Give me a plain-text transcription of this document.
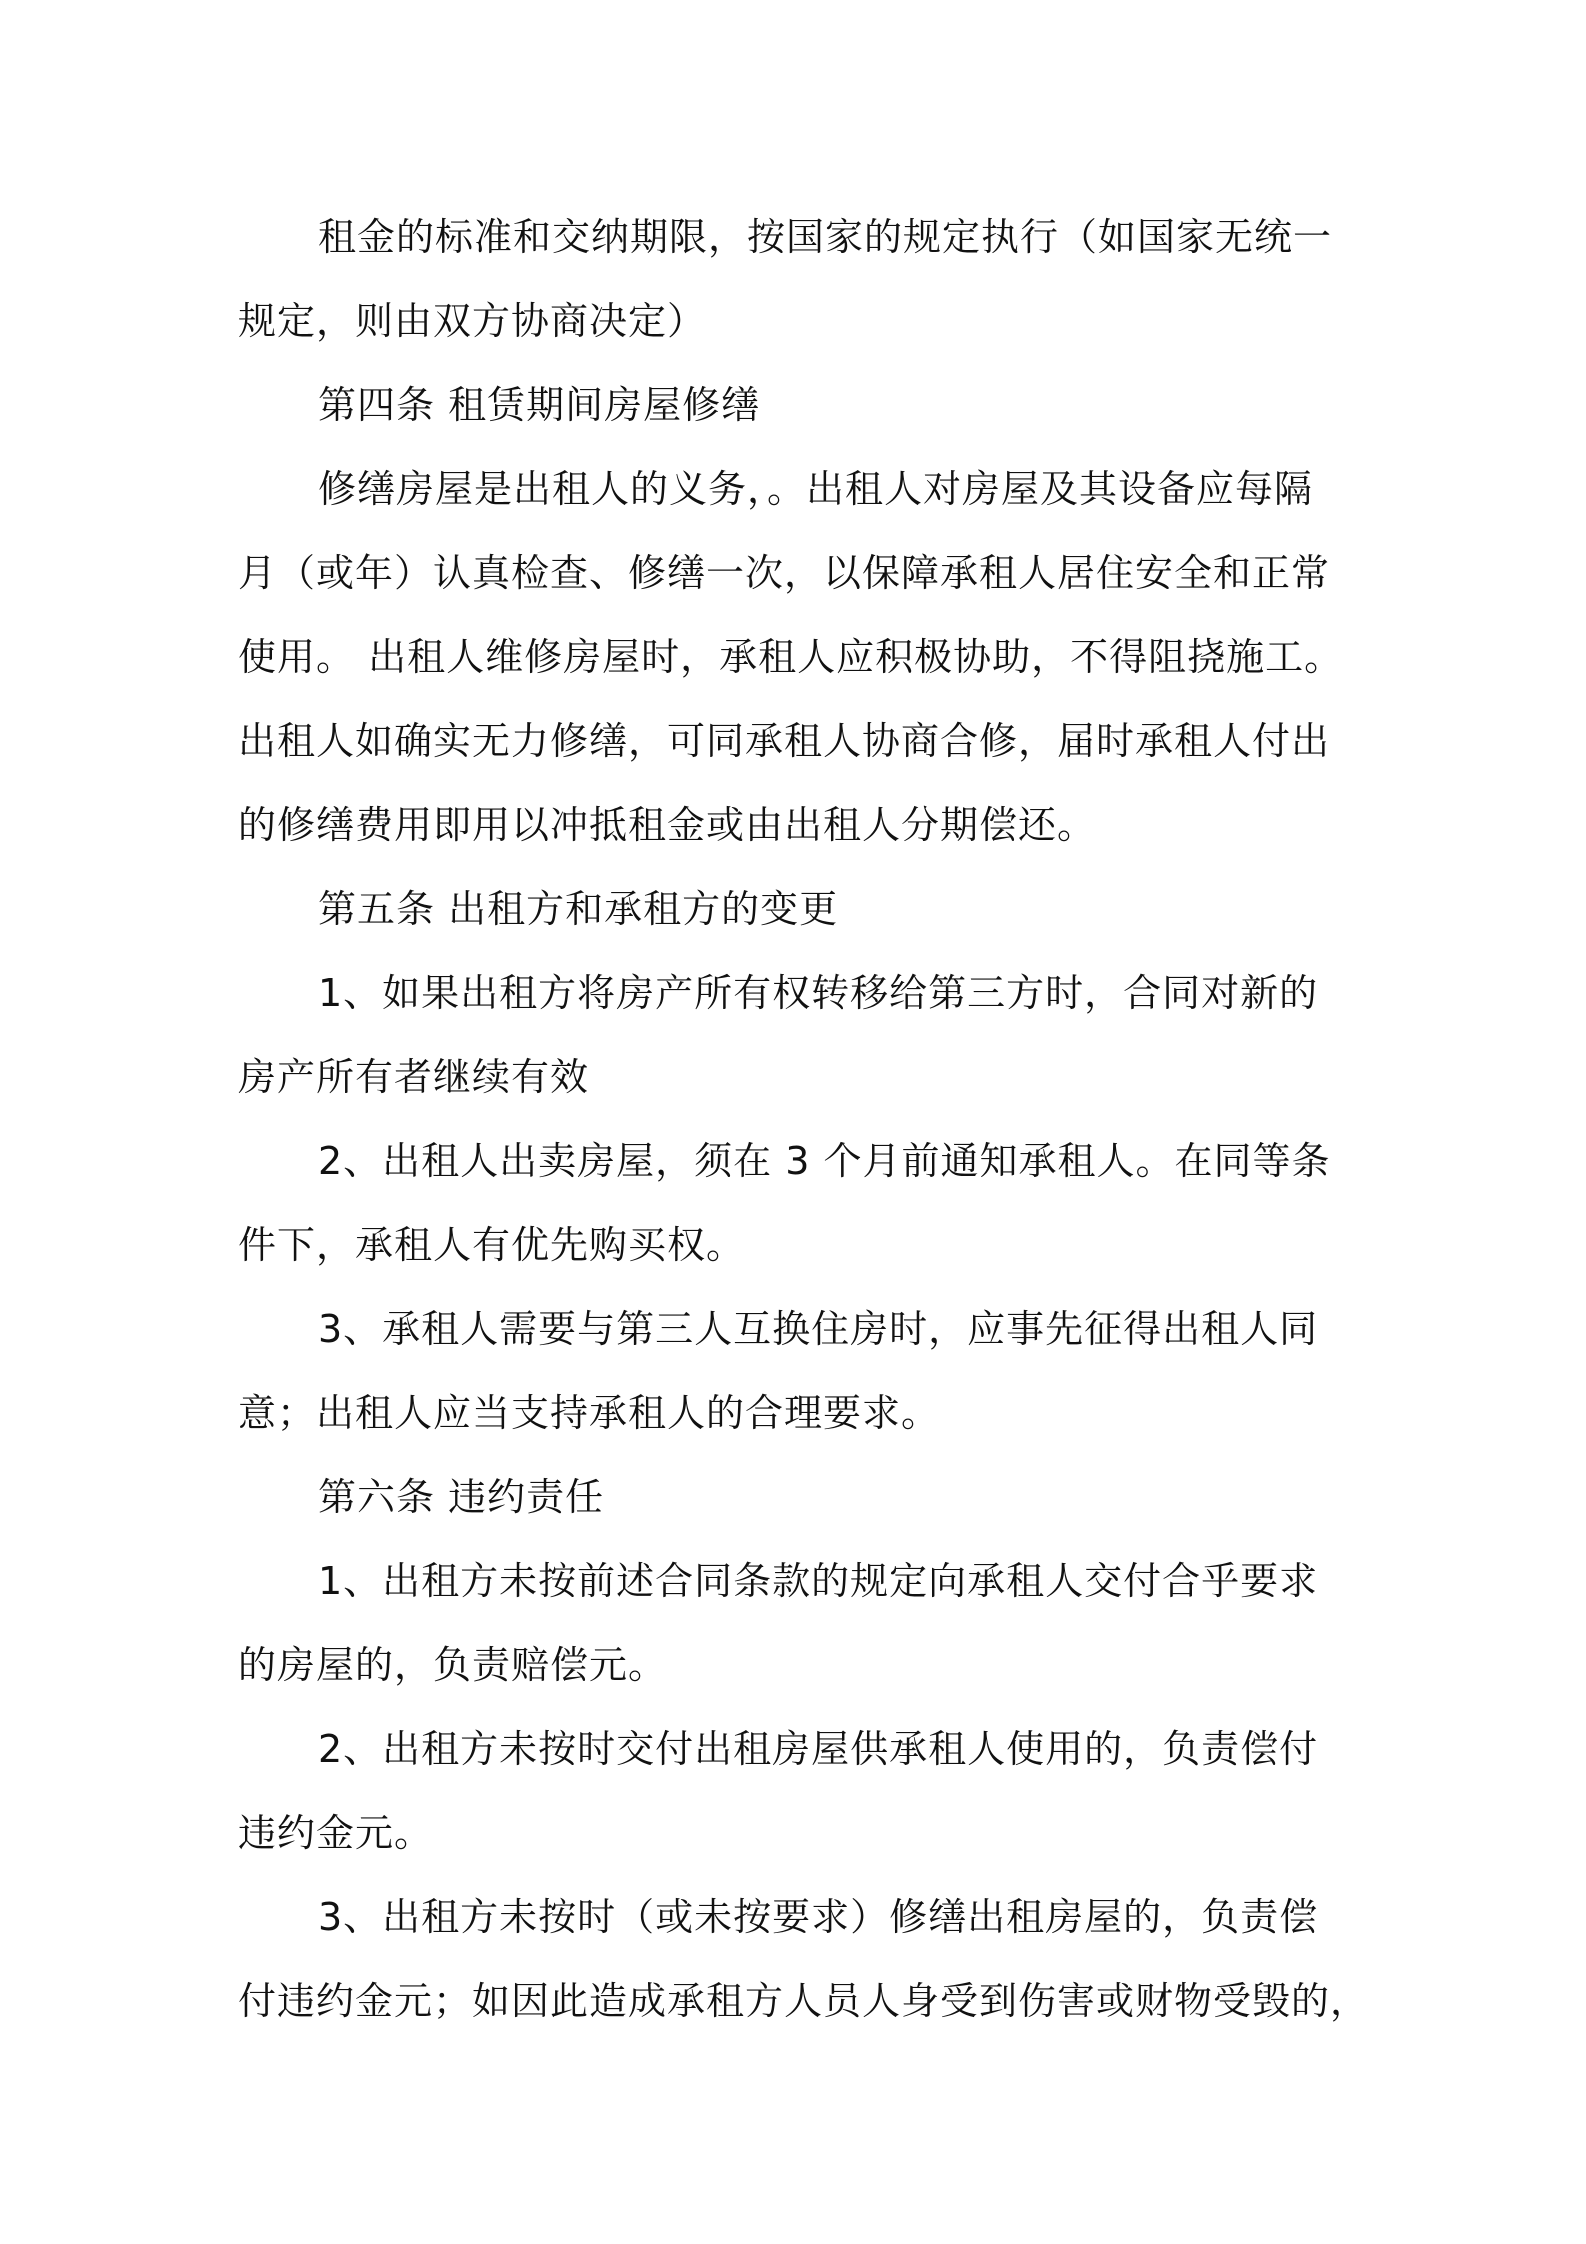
租金的标准和交纳期限，按国家的规定执行（如国家无统一
规定，则由双方协商决定）
第四条 租赁期间房屋修缮
修缮房屋是出租人的义务，。出租人对房屋及其设备应每隔
月（或年）认真检查、修缮一次，以保障承租人居住安全和正常
使用。 出租人维修房屋时，承租人应积极协助，不得阻挠施工。
出租人如确实无力修缮，可同承租人协商合修，届时承租人付出
的修缮费用即用以冲抵租金或由出租人分期偿还。
第五条 出租方和承租方的变更
1、如果出租方将房产所有权转移给第三方时，合同对新的
房产所有者继续有效
2、出租人出卖房屋，须在 3 个月前通知承租人。在同等条
件下，承租人有优先购买权。
3、承租人需要与第三人互换住房时，应事先征得出租人同
意；出租人应当支持承租人的合理要求。
第六条 违约责任
1、出租方未按前述合同条款的规定向承租人交付合乎要求
的房屋的，负责赔偿元。
2、出租方未按时交付出租房屋供承租人使用的，负责偿付
违约金元。
3、出租方未按时（或未按要求）修缮出租房屋的，负责偿
付违约金元；如因此造成承租方人员人身受到伤害或财物受毁的，
